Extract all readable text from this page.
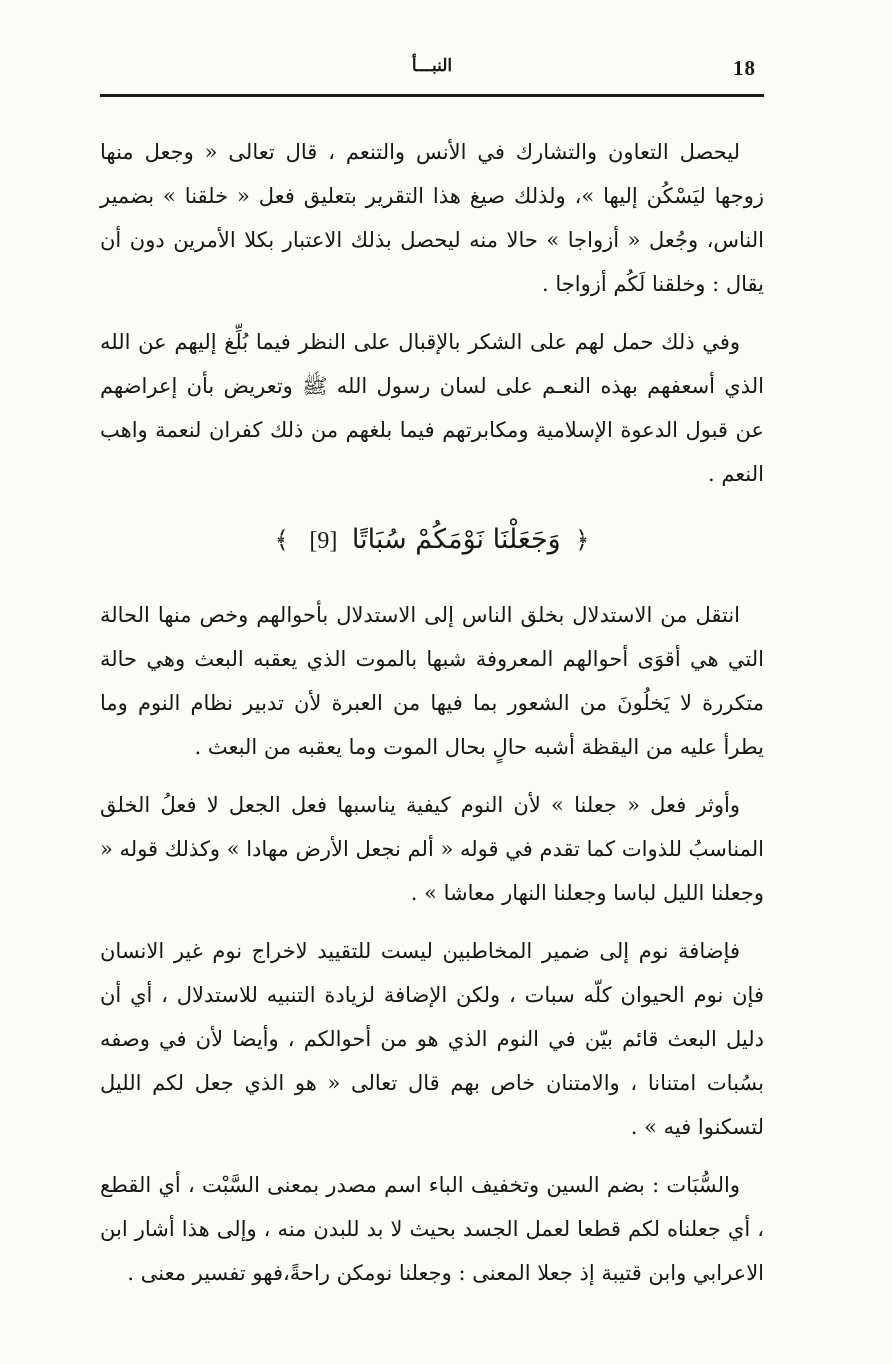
18
النبـــأ

ليحصل التعاون والتشارك في الأنس والتنعم ، قال تعالى « وجعل منها زوجها ليَسْكُن إليها »، ولذلك صيغ هذا التقرير بتعليق فعل « خلقنا » بضمير الناس، وجُعل « أزواجا » حالا منه ليحصل بذلك الاعتبار بكلا الأمرين دون أن يقال : وخلقنا لَكُم أزواجا .

وفي ذلك حمل لهم على الشكر بالإقبال على النظر فيما بُلِّغ إليهم عن الله الذي أسعفهم بهذه النعـم على لسان رسول الله ﷺ وتعريض بأن إعراضهم عن قبول الدعوة الإسلامية ومكابرتهم فيما بلغهم من ذلك كفران لنعمة واهب النعم .

﴿ وَجَعَلْنَا نَوْمَكُمْ سُبَاتًا [9] ﴾

انتقل من الاستدلال بخلق الناس إلى الاستدلال بأحوالهم وخص منها الحالة التي هي أقوَى أحوالهم المعروفة شبها بالموت الذي يعقبه البعث وهي حالة متكررة لا يَخلُونَ من الشعور بما فيها من العبرة لأن تدبير نظام النوم وما يطرأ عليه من اليقظة أشبه حالٍ بحال الموت وما يعقبه من البعث .

وأوثر فعل « جعلنا » لأن النوم كيفية يناسبها فعل الجعل لا فعلُ الخلق المناسبُ للذوات كما تقدم في قوله « ألم نجعل الأرض مهادا » وكذلك قوله « وجعلنا الليل لباسا وجعلنا النهار معاشا » .

فإضافة نوم إلى ضمير المخاطبين ليست للتقييد لاخراج نوم غير الانسان فإن نوم الحيوان كلّه سبات ، ولكن الإضافة لزيادة التنبيه للاستدلال ، أي أن دليل البعث قائم بيّن في النوم الذي هو من أحوالكم ، وأيضا لأن في وصفه بسُبات امتنانا ، والامتنان خاص بهم قال تعالى « هو الذي جعل لكم الليل لتسكنوا فيه » .

والسُّبَات : بضم السين وتخفيف الباء اسم مصدر بمعنى السَّبْت ، أي القطع ، أي جعلناه لكم قطعا لعمل الجسد بحيث لا بد للبدن منه ، وإلى هذا أشار ابن الاعرابي وابن قتيبة إذ جعلا المعنى : وجعلنا نومكن راحةً،فهو تفسير معنى .
